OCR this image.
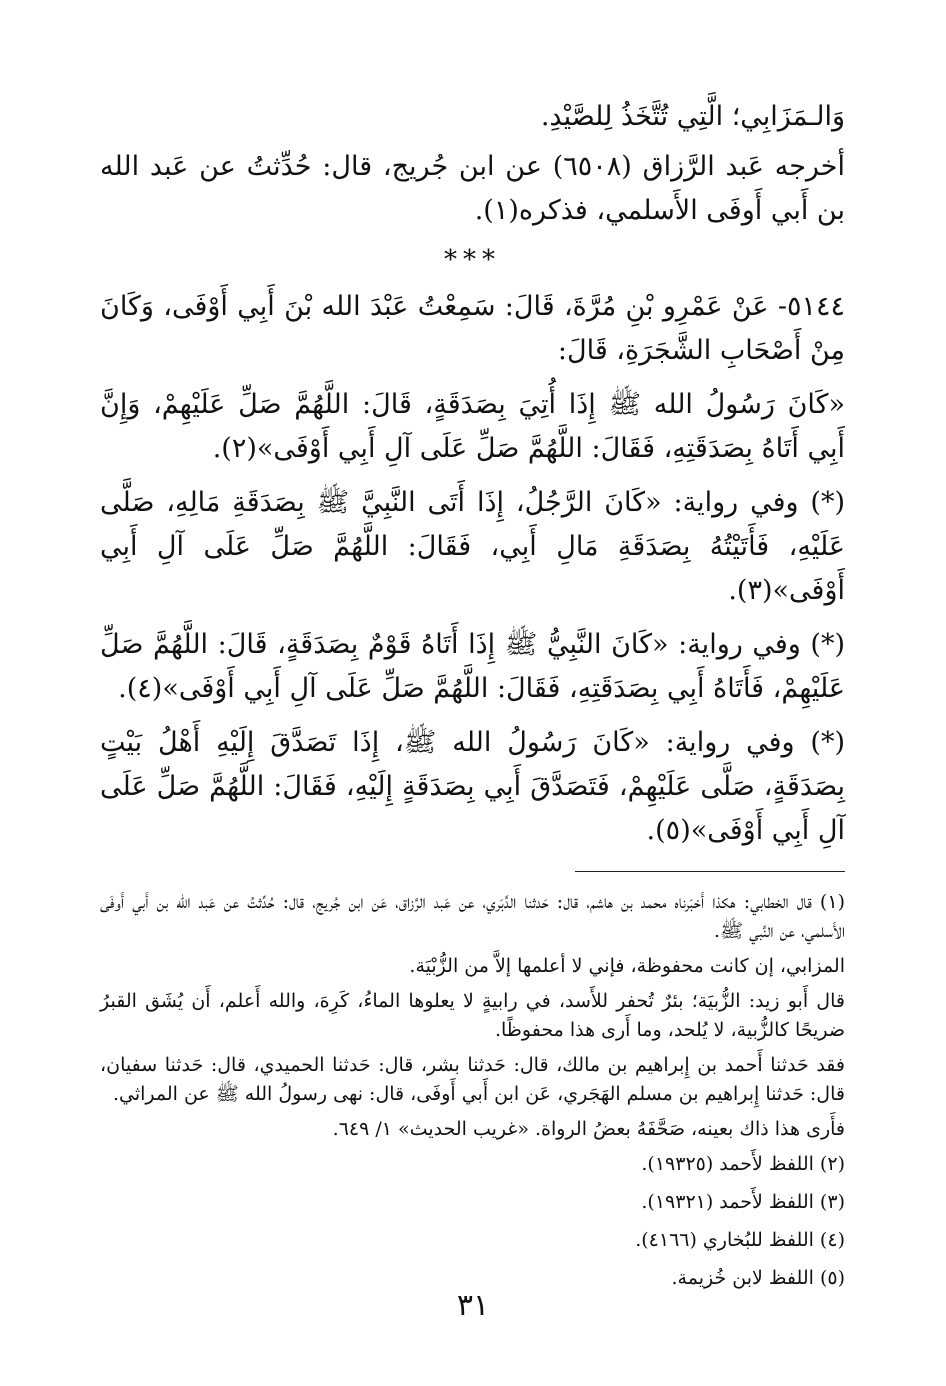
وَالـمَزَابِي؛ الَّتِي تُتَّخَذُ لِلصَّيْدِ.

أخرجه عَبد الرَّزاق (٦٥٠٨) عن ابن جُريج، قال: حُدِّثتُ عن عَبد الله بن أَبي أَوفَى الأَسلمي، فذكره(١).

***

٥١٤٤- عَنْ عَمْرِو بْنِ مُرَّةَ، قَالَ: سَمِعْتُ عَبْدَ الله بْنَ أَبِي أَوْفَى، وَكَانَ مِنْ أَصْحَابِ الشَّجَرَةِ، قَالَ:

«كَانَ رَسُولُ الله ﷺ إِذَا أُتِيَ بِصَدَقَةٍ، قَالَ: اللَّهُمَّ صَلِّ عَلَيْهِمْ، وَإِنَّ أَبِي أَتَاهُ بِصَدَقَتِهِ، فَقَالَ: اللَّهُمَّ صَلِّ عَلَى آلِ أَبِي أَوْفَى»(٢).

(*) وفي رواية: «كَانَ الرَّجُلُ، إِذَا أَتَى النَّبِيَّ ﷺ بِصَدَقَةِ مَالِهِ، صَلَّى عَلَيْهِ، فَأَتَيْتُهُ بِصَدَقَةِ مَالِ أَبِي، فَقَالَ: اللَّهُمَّ صَلِّ عَلَى آلِ أَبِي أَوْفَى»(٣).

(*) وفي رواية: «كَانَ النَّبِيُّ ﷺ إِذَا أَتَاهُ قَوْمٌ بِصَدَقَةٍ، قَالَ: اللَّهُمَّ صَلِّ عَلَيْهِمْ، فَأَتَاهُ أَبِي بِصَدَقَتِهِ، فَقَالَ: اللَّهُمَّ صَلِّ عَلَى آلِ أَبِي أَوْفَى»(٤).

(*) وفي رواية: «كَانَ رَسُولُ الله ﷺ، إِذَا تَصَدَّقَ إِلَيْهِ أَهْلُ بَيْتٍ بِصَدَقَةٍ، صَلَّى عَلَيْهِمْ، فَتَصَدَّقَ أَبِي بِصَدَقَةٍ إِلَيْهِ، فَقَالَ: اللَّهُمَّ صَلِّ عَلَى آلِ أَبِي أَوْفَى»(٥).

(١) قال الخطابي: هكذا أَخبَرناه محمد بن هاشم، قال: حَدثنا الدَّبَري، عن عَبد الرَّزاق، عَن ابن جُريج، قال: حُدِّثتُ عن عَبد الله بن أَبي أَوفَى الأَسلمي، عن النَّبي ﷺ.

المزابي، إن كانت محفوظة، فإني لا أعلمها إلاَّ من الزُّبْيَة.

قال أَبو زيد: الزُّبيَة؛ بئرٌ تُحفر للأَسد، في رابيةٍ لا يعلوها الماءُ، كَرِهَ، والله أَعلم، أَن يُشَق القبرُ ضريحًا كالزُّبية، لا يُلحد، وما أَرى هذا محفوظًا.

فقد حَدثنا أَحمد بن إِبراهيم بن مالك، قال: حَدثنا بشر، قال: حَدثنا الحميدي، قال: حَدثنا سفيان، قال: حَدثنا إِبراهيم بن مسلم الهَجَري، عَن ابن أَبي أَوفَى، قال: نهى رسولُ الله ﷺ عن المراثي.

فأَرى هذا ذاك بعينه، صَحَّفَهُ بعضُ الرواة. «غريب الحديث» ١/ ٦٤٩.

(٢) اللفظ لأَحمد (١٩٣٢٥).

(٣) اللفظ لأَحمد (١٩٣٢١).

(٤) اللفظ للبُخاري (٤١٦٦).

(٥) اللفظ لابن خُزيمة.

٣١
